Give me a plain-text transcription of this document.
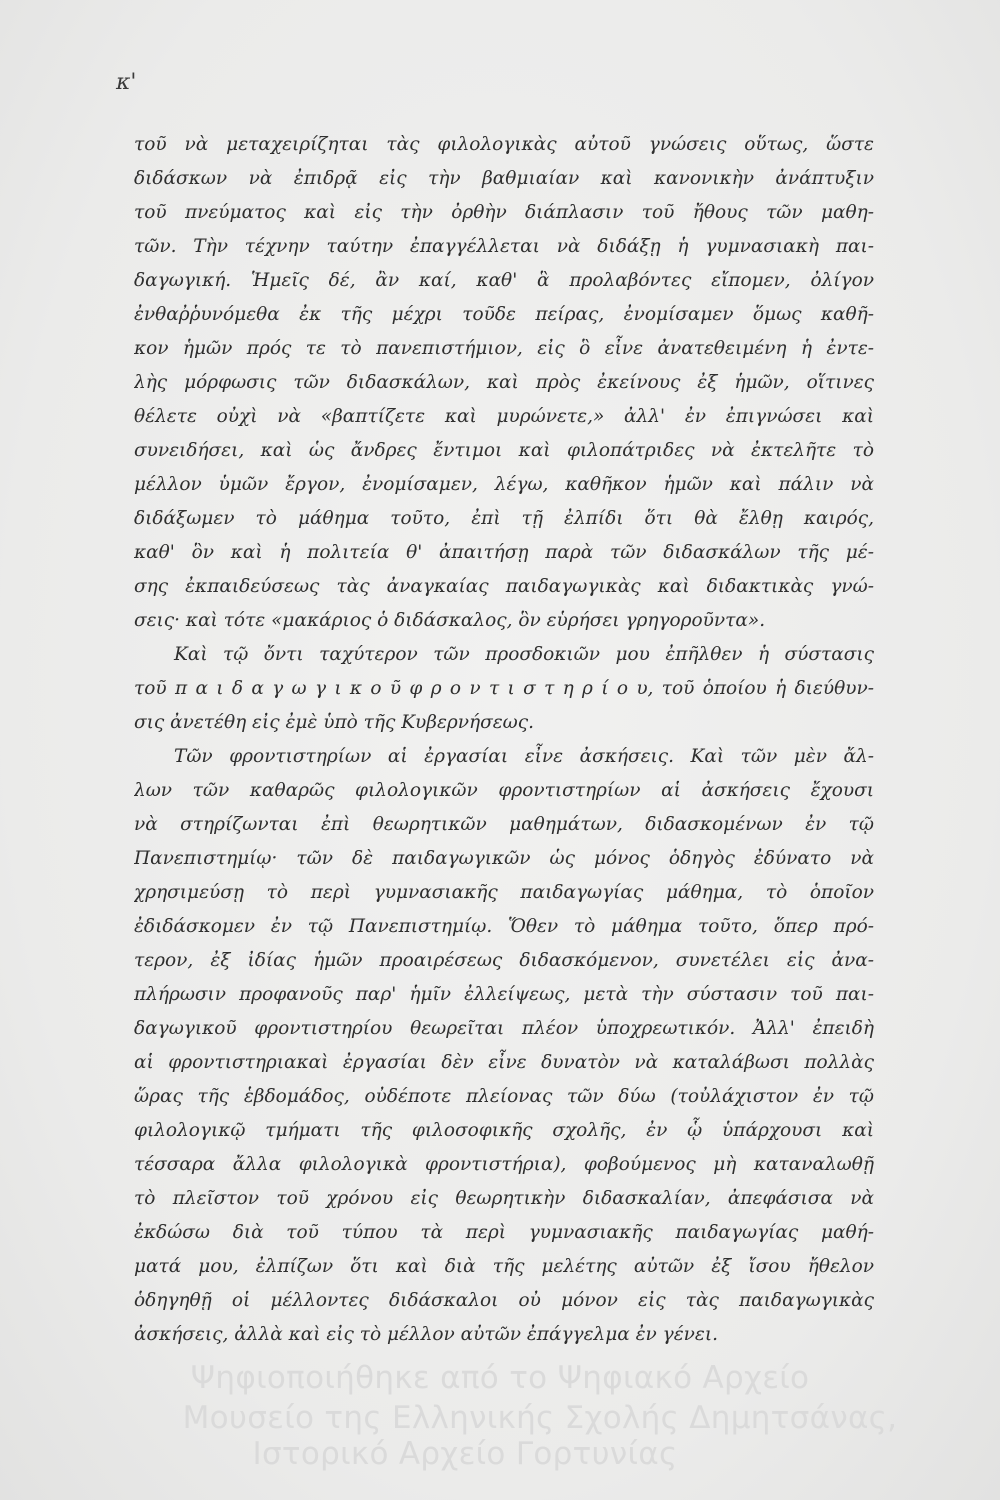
κ'
τοῦ νὰ μεταχειρίζηται τὰς φιλολογικὰς αὐτοῦ γνώσεις οὕτως, ὥστε
διδάσκων νὰ ἐπιδρᾷ εἰς τὴν βαθμιαίαν καὶ κανονικὴν ἀνάπτυξιν
τοῦ πνεύματος καὶ εἰς τὴν ὀρθὴν διάπλασιν τοῦ ἤθους τῶν μαθη-
τῶν. Τὴν τέχνην ταύτην ἐπαγγέλλεται νὰ διδάξῃ ἡ γυμνασιακὴ παι-
δαγωγική. Ἡμεῖς δέ, ἂν καί, καθ' ἃ προλαβόντες εἴπομεν, ὀλίγον
ἐνθαῤῥυνόμεθα ἐκ τῆς μέχρι τοῦδε πείρας, ἐνομίσαμεν ὅμως καθῆ-
κον ἡμῶν πρός τε τὸ πανεπιστήμιον, εἰς ὃ εἶνε ἀνατεθειμένη ἡ ἐντε-
λὴς μόρφωσις τῶν διδασκάλων, καὶ πρὸς ἐκείνους ἐξ ἡμῶν, οἵτινες
θέλετε οὐχὶ νὰ «βαπτίζετε καὶ μυρώνετε,» ἀλλ' ἐν ἐπιγνώσει καὶ
συνειδήσει, καὶ ὡς ἄνδρες ἔντιμοι καὶ φιλοπάτριδες νὰ ἐκτελῆτε τὸ
μέλλον ὑμῶν ἔργον, ἐνομίσαμεν, λέγω, καθῆκον ἡμῶν καὶ πάλιν νὰ
διδάξωμεν τὸ μάθημα τοῦτο, ἐπὶ τῇ ἐλπίδι ὅτι θὰ ἔλθῃ καιρός,
καθ' ὃν καὶ ἡ πολιτεία θ' ἀπαιτήσῃ παρὰ τῶν διδασκάλων τῆς μέ-
σης ἐκπαιδεύσεως τὰς ἀναγκαίας παιδαγωγικὰς καὶ διδακτικὰς γνώ-
σεις· καὶ τότε «μακάριος ὁ διδάσκαλος, ὃν εὑρήσει γρηγοροῦντα».
Καὶ τῷ ὄντι ταχύτερον τῶν προσδοκιῶν μου ἐπῆλθεν ἡ σύστασις
τοῦ π α ι δ α γ ω γ ι κ ο ῦ φ ρ ο ν τ ι σ τ η ρ ί ο υ, τοῦ ὁποίου ἡ διεύθυν-
σις ἀνετέθη εἰς ἐμὲ ὑπὸ τῆς Κυβερνήσεως.
Τῶν φροντιστηρίων αἱ ἐργασίαι εἶνε ἀσκήσεις. Καὶ τῶν μὲν ἄλ-
λων τῶν καθαρῶς φιλολογικῶν φροντιστηρίων αἱ ἀσκήσεις ἔχουσι
νὰ στηρίζωνται ἐπὶ θεωρητικῶν μαθημάτων, διδασκομένων ἐν τῷ
Πανεπιστημίῳ· τῶν δὲ παιδαγωγικῶν ὡς μόνος ὁδηγὸς ἐδύνατο νὰ
χρησιμεύσῃ τὸ περὶ γυμνασιακῆς παιδαγωγίας μάθημα, τὸ ὁποῖον
ἐδιδάσκομεν ἐν τῷ Πανεπιστημίῳ. Ὅθεν τὸ μάθημα τοῦτο, ὅπερ πρό-
τερον, ἐξ ἰδίας ἡμῶν προαιρέσεως διδασκόμενον, συνετέλει εἰς ἀνα-
πλήρωσιν προφανοῦς παρ' ἡμῖν ἐλλείψεως, μετὰ τὴν σύστασιν τοῦ παι-
δαγωγικοῦ φροντιστηρίου θεωρεῖται πλέον ὑποχρεωτικόν. Ἀλλ' ἐπειδὴ
αἱ φροντιστηριακαὶ ἐργασίαι δὲν εἶνε δυνατὸν νὰ καταλάβωσι πολλὰς
ὥρας τῆς ἑβδομάδος, οὐδέποτε πλείονας τῶν δύω (τοὐλάχιστον ἐν τῷ
φιλολογικῷ τμήματι τῆς φιλοσοφικῆς σχολῆς, ἐν ᾧ ὑπάρχουσι καὶ
τέσσαρα ἄλλα φιλολογικὰ φροντιστήρια), φοβούμενος μὴ καταναλωθῇ
τὸ πλεῖστον τοῦ χρόνου εἰς θεωρητικὴν διδασκαλίαν, ἀπεφάσισα νὰ
ἐκδώσω διὰ τοῦ τύπου τὰ περὶ γυμνασιακῆς παιδαγωγίας μαθή-
ματά μου, ἐλπίζων ὅτι καὶ διὰ τῆς μελέτης αὐτῶν ἐξ ἴσου ἤθελον
ὁδηγηθῇ οἱ μέλλοντες διδάσκαλοι οὐ μόνον εἰς τὰς παιδαγωγικὰς
ἀσκήσεις, ἀλλὰ καὶ εἰς τὸ μέλλον αὐτῶν ἐπάγγελμα ἐν γένει.
Ψηφιοποιήθηκε από το Ψηφιακό Αρχείο
Μουσείο της Ελληνικής Σχολής Δημητσάνας,
Ιστορικό Αρχείο Γορτυνίας
